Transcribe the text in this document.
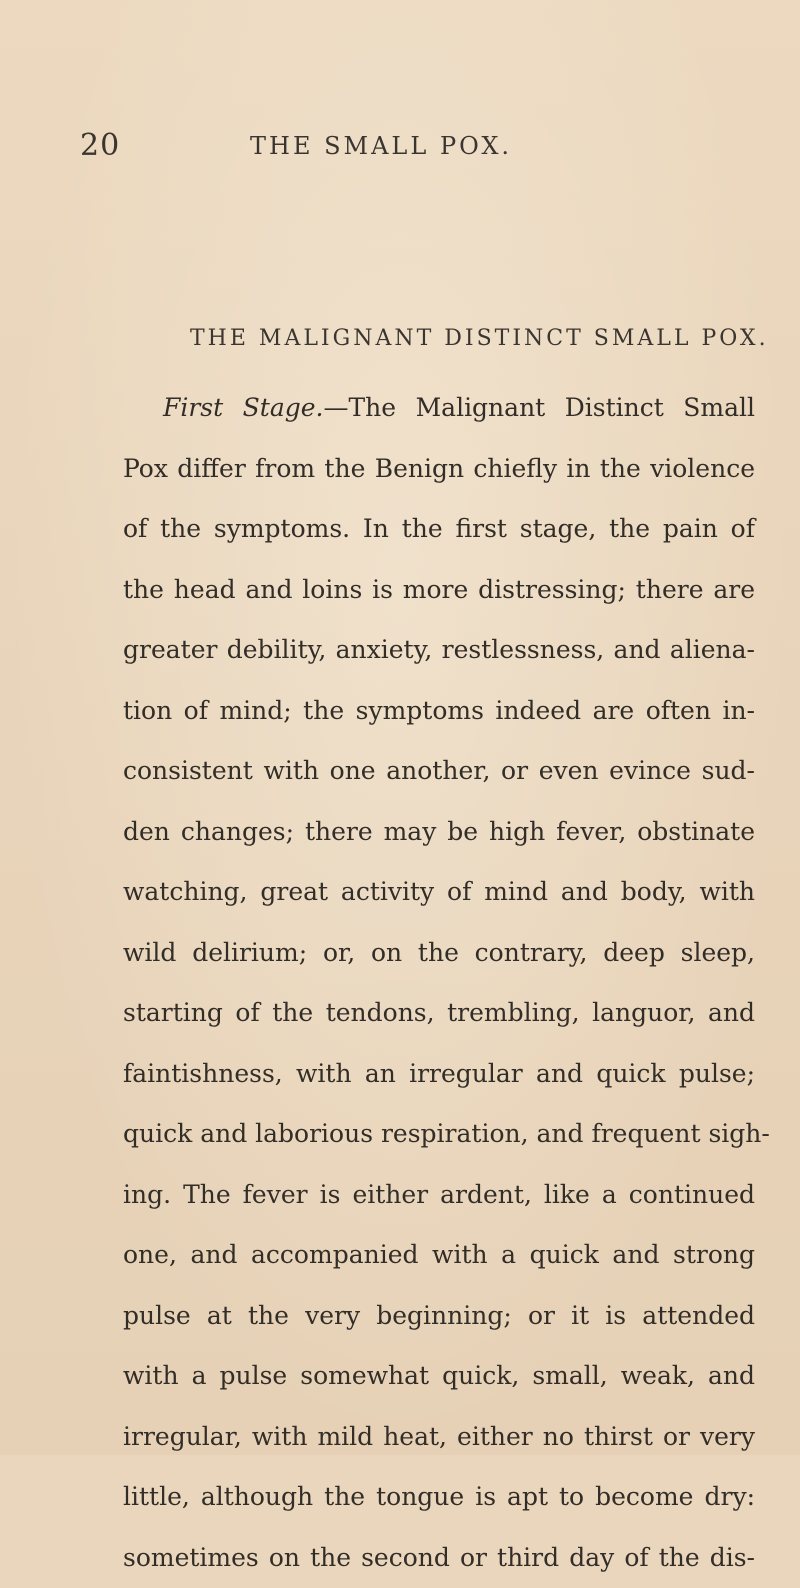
20	THE SMALL POX.
THE MALIGNANT DISTINCT SMALL POX.
First Stage.—The Malignant Distinct Small
Pox differ from the Benign chiefly in the violence
of the symptoms. In the first stage, the pain of
the head and loins is more distressing; there are
greater debility, anxiety, restlessness, and aliena-
tion of mind; the symptoms indeed are often in-
consistent with one another, or even evince sud-
den changes; there may be high fever, obstinate
watching, great activity of mind and body, with
wild delirium; or, on the contrary, deep sleep,
starting of the tendons, trembling, languor, and
faintishness, with an irregular and quick pulse;
quick and laborious respiration, and frequent sigh-
ing. The fever is either ardent, like a continued
one, and accompanied with a quick and strong
pulse at the very beginning; or it is attended
with a pulse somewhat quick, small, weak, and
irregular, with mild heat, either no thirst or very
little, although the tongue is apt to become dry:
sometimes on the second or third day of the dis-
